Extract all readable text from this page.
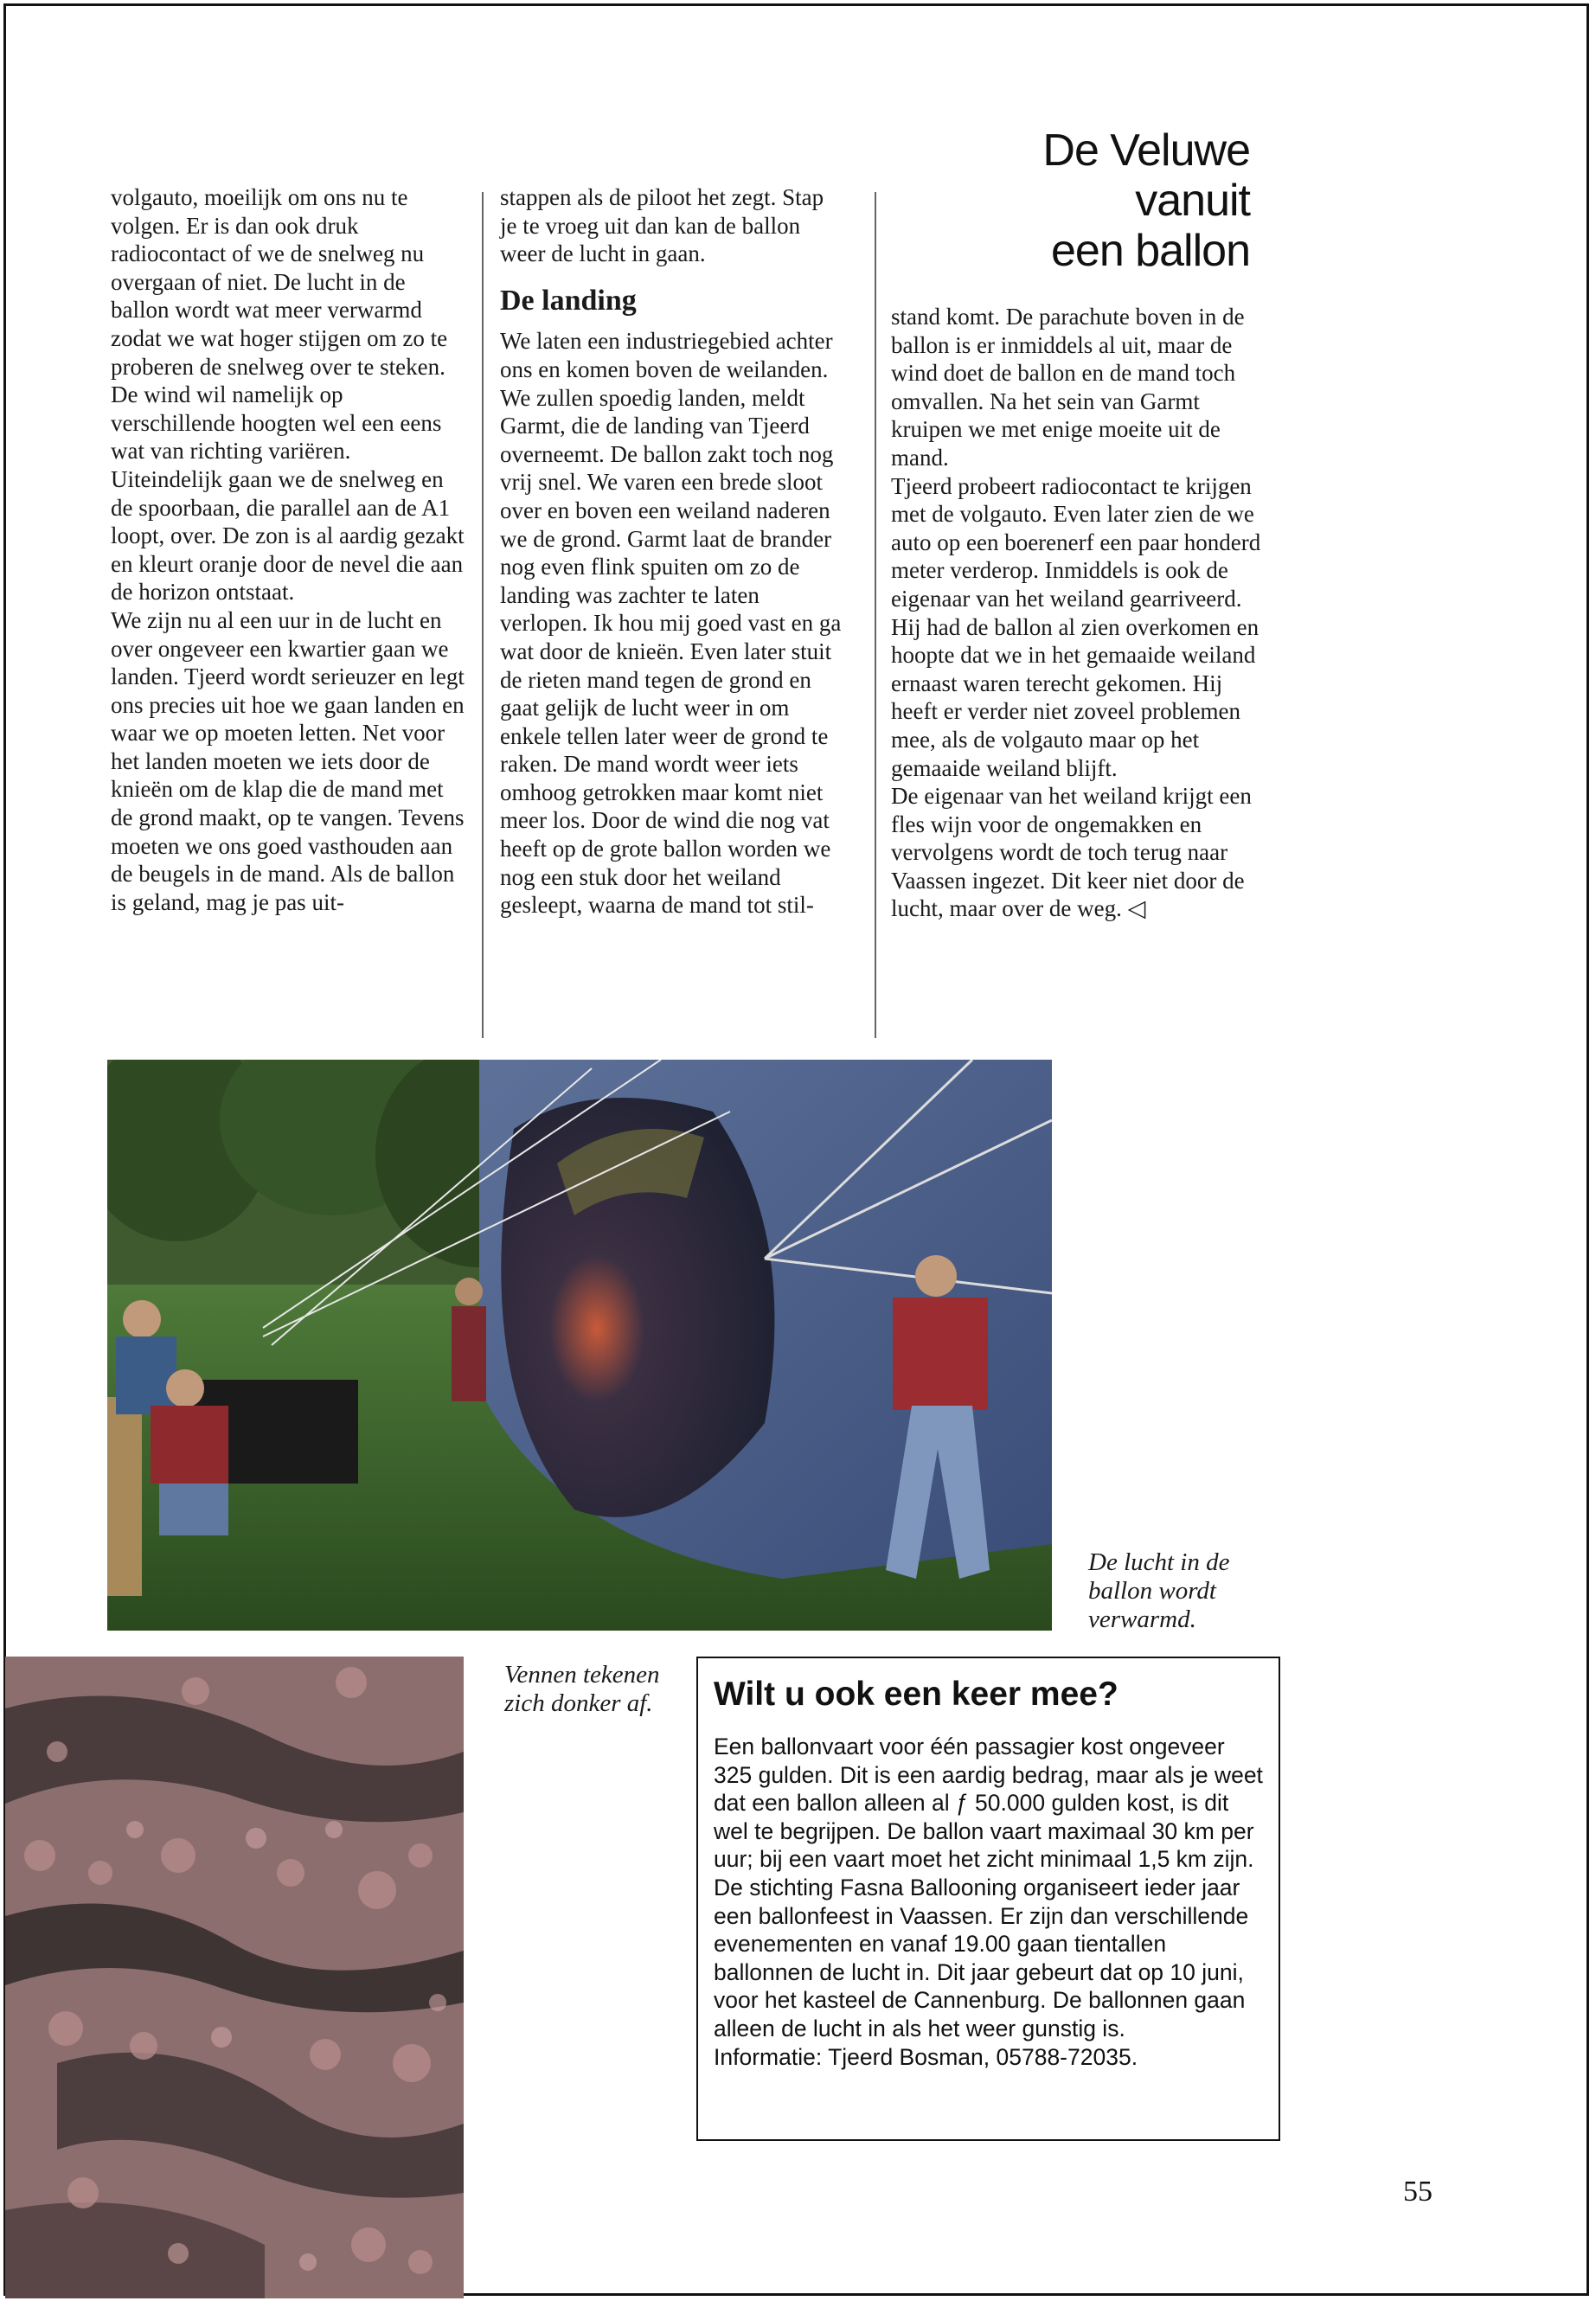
De Veluwe
vanuit
een ballon

volgauto, moeilijk om ons nu te volgen. Er is dan ook druk radiocontact of we de snelweg nu overgaan of niet. De lucht in de ballon wordt wat meer verwarmd zodat we wat hoger stijgen om zo te proberen de snelweg over te steken. De wind wil namelijk op verschillende hoogten wel een eens wat van richting variëren. Uiteindelijk gaan we de snelweg en de spoorbaan, die parallel aan de A1 loopt, over. De zon is al aardig gezakt en kleurt oranje door de nevel die aan de horizon ontstaat.

We zijn nu al een uur in de lucht en over ongeveer een kwartier gaan we landen. Tjeerd wordt serieuzer en legt ons precies uit hoe we gaan landen en waar we op moeten letten. Net voor het landen moeten we iets door de knieën om de klap die de mand met de grond maakt, op te vangen. Tevens moeten we ons goed vasthouden aan de beugels in de mand. Als de ballon is geland, mag je pas uit-

stappen als de piloot het zegt. Stap je te vroeg uit dan kan de ballon weer de lucht in gaan.

De landing

We laten een industriegebied achter ons en komen boven de weilanden. We zullen spoedig landen, meldt Garmt, die de landing van Tjeerd overneemt. De ballon zakt toch nog vrij snel. We varen een brede sloot over en boven een weiland naderen we de grond. Garmt laat de brander nog even flink spuiten om zo de landing was zachter te laten verlopen. Ik hou mij goed vast en ga wat door de knieën. Even later stuit de rieten mand tegen de grond en gaat gelijk de lucht weer in om enkele tellen later weer de grond te raken. De mand wordt weer iets omhoog getrokken maar komt niet meer los. Door de wind die nog vat heeft op de grote ballon worden we nog een stuk door het weiland gesleept, waarna de mand tot stil-

stand komt. De parachute boven in de ballon is er inmiddels al uit, maar de wind doet de ballon en de mand toch omvallen. Na het sein van Garmt kruipen we met enige moeite uit de mand.

Tjeerd probeert radiocontact te krijgen met de volgauto. Even later zien de we auto op een boerenerf een paar honderd meter verderop. Inmiddels is ook de eigenaar van het weiland gearriveerd. Hij had de ballon al zien overkomen en hoopte dat we in het gemaaide weiland ernaast waren terecht gekomen. Hij heeft er verder niet zoveel problemen mee, als de volgauto maar op het gemaaide weiland blijft.

De eigenaar van het weiland krijgt een fles wijn voor de ongemakken en vervolgens wordt de toch terug naar Vaassen ingezet. Dit keer niet door de lucht, maar over de weg. ◁

De lucht in de ballon wordt verwarmd.
Vennen tekenen zich donker af. Wilt u ook een keer mee?
Een ballonvaart voor één passagier kost ongeveer 325 gulden. Dit is een aardig bedrag, maar als je weet dat een ballon alleen al ƒ 50.000 gulden kost, is dit wel te begrijpen. De ballon vaart maximaal 30 km per uur; bij een vaart moet het zicht minimaal 1,5 km zijn. De stichting Fasna Ballooning organiseert ieder jaar een ballonfeest in Vaassen. Er zijn dan verschillende evenementen en vanaf 19.00 gaan tientallen ballonnen de lucht in. Dit jaar gebeurt dat op 10 juni, voor het kasteel de Cannenburg. De ballonnen gaan alleen de lucht in als het weer gunstig is.
Informatie: Tjeerd Bosman, 05788-72035.
55
